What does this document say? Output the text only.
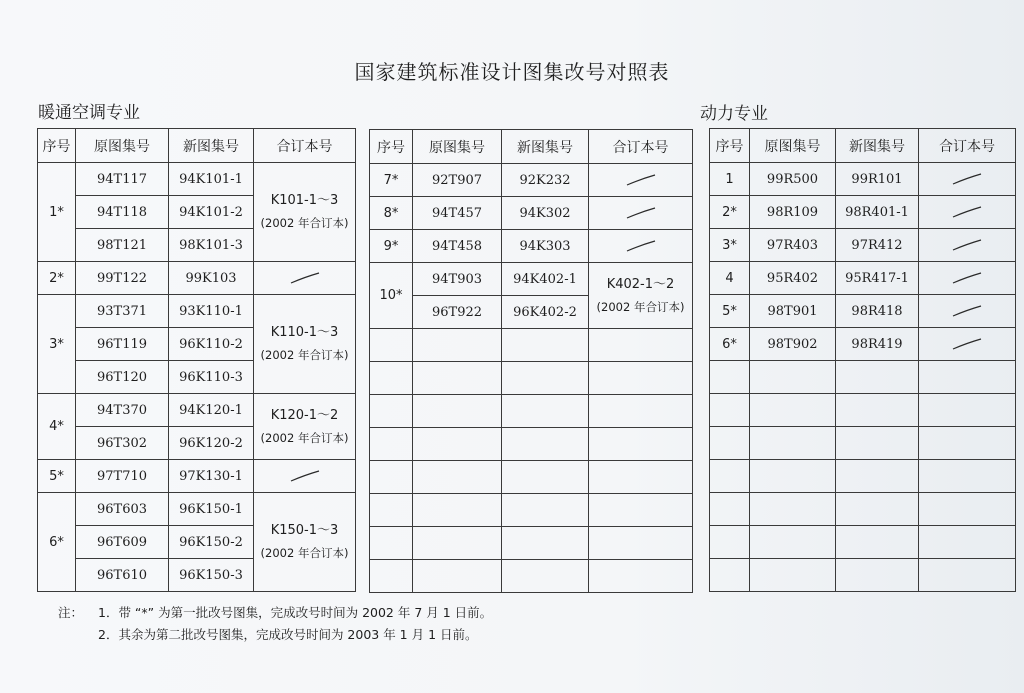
国家建筑标准设计图集改号对照表
暖通空调专业	动力专业
序号	原图集号	新图集号	合订本号
1*	94T117	94K101-1	K101-1～3
(2002 年合订本)

	94T118	94K101-2	
	98T121	98K101-3	
2*	99T122	99K103	

3*	93T371	93K110-1	K110-1～3
(2002 年合订本)

	96T119	96K110-2	
	96T120	96K110-3	
4*	94T370	94K120-1	K120-1～2
(2002 年合订本)

	96T302	96K120-2	
5*	97T710	97K130-1	

6*	96T603	96K150-1	K150-1～3
(2002 年合订本)

	96T609	96K150-2	
	96T610	96K150-3	
序号	原图集号	新图集号	合订本号
7*	92T907	92K232	

8*	94T457	94K302	

9*	94T458	94K303	

10*	94T903	94K402-1	K402-1～2
(2002 年合订本)

	96T922	96K402-2	

序号	原图集号	新图集号	合订本号
1	99R500	99R101	

2*	98R109	98R401-1	

3*	97R403	97R412	

4	95R402	95R417-1	

5*	98T901	98R418	

6*	98T902	98R419	

注： 1．带 “*” 为第一批改号图集，完成改号时间为 2002 年 7 月 1 日前。
2．其余为第二批改号图集，完成改号时间为 2003 年 1 月 1 日前。
